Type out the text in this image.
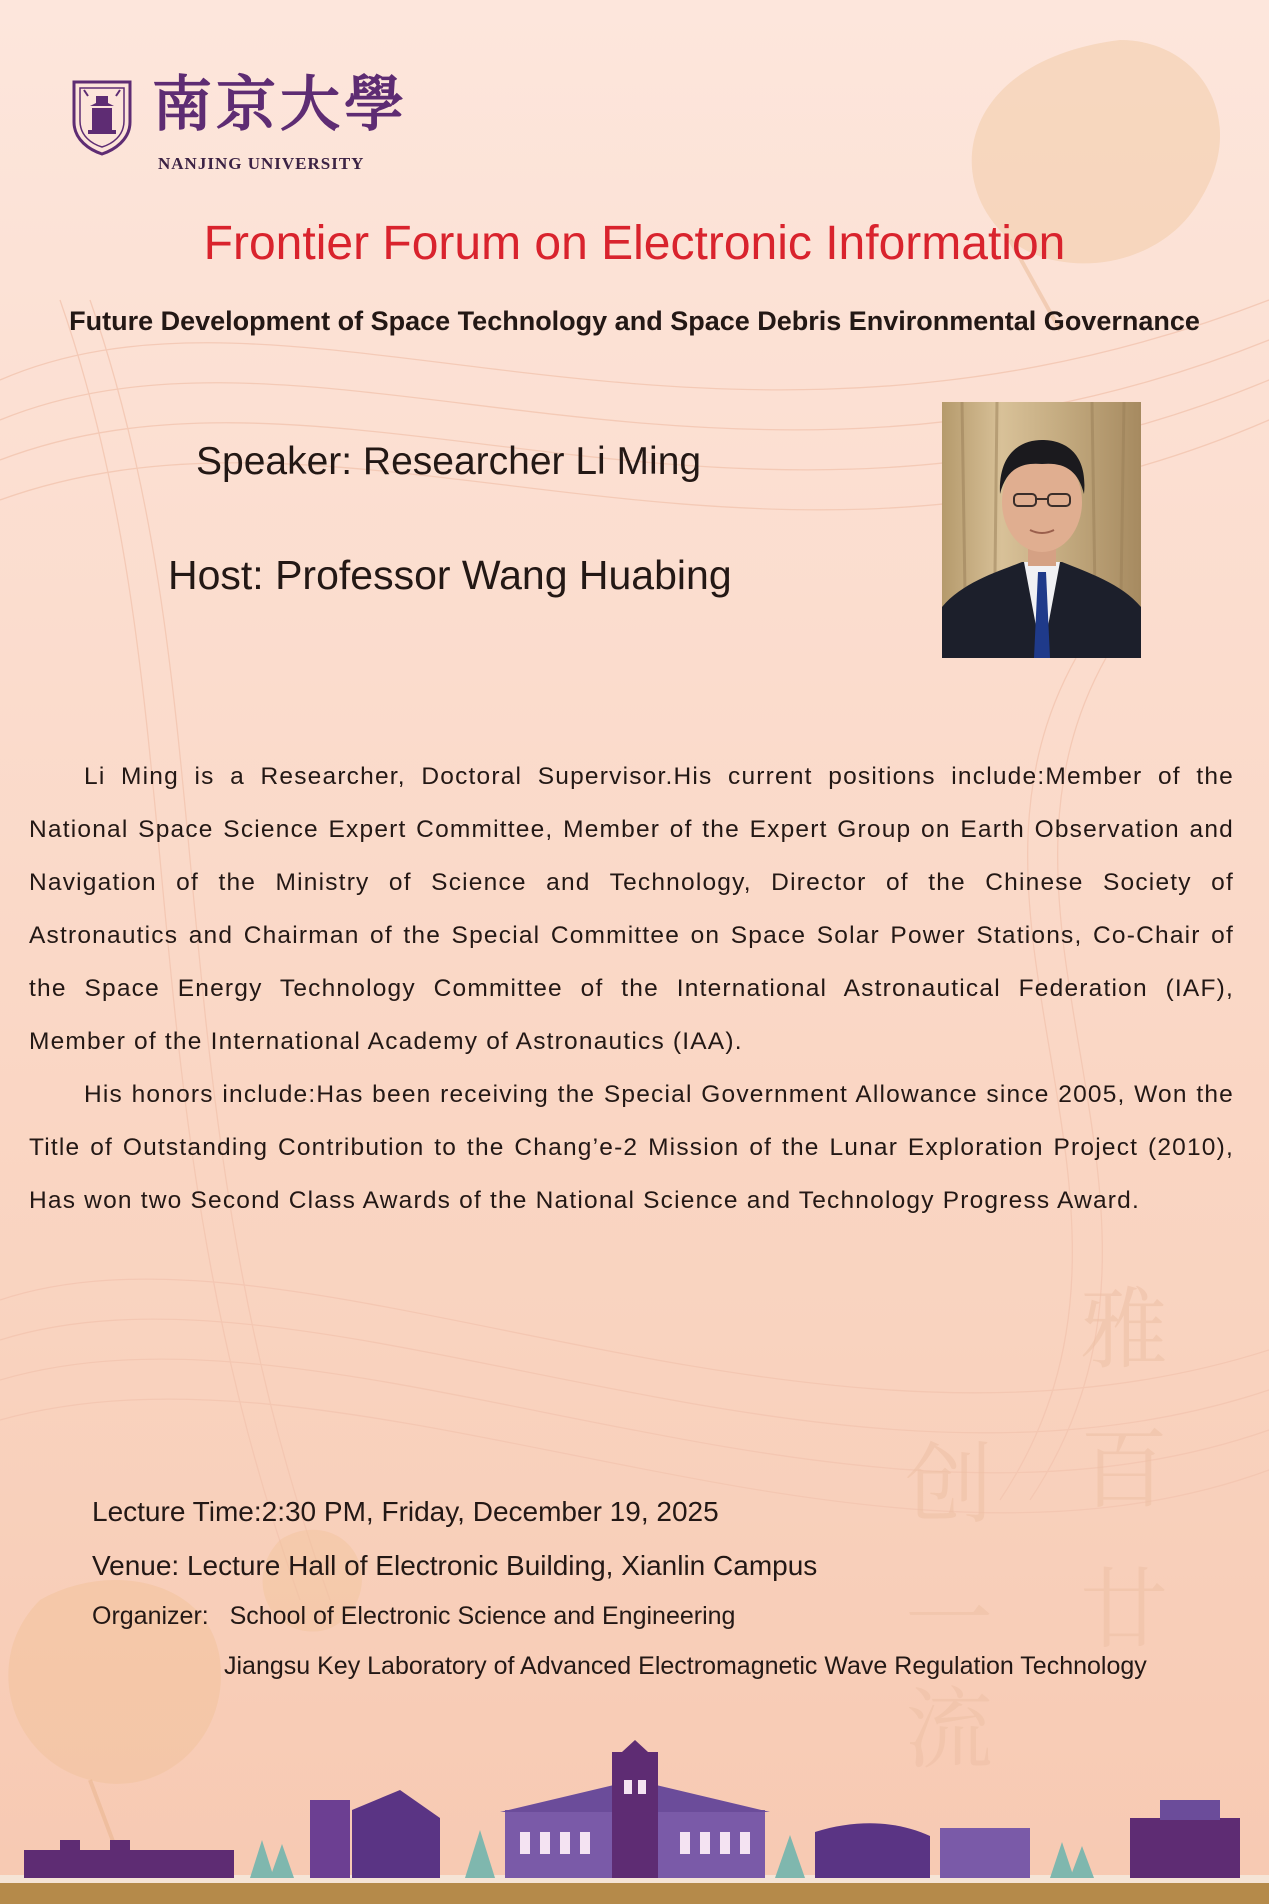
创 百
一 廿
流
雅
南京大學
NANJING UNIVERSITY
Frontier Forum on Electronic Information
Future Development of Space Technology and Space Debris Environmental Governance
Speaker: Researcher Li Ming
Host: Professor Wang Huabing

Li Ming is a Researcher, Doctoral Supervisor.His current positions include:Member of the National Space Science Expert Committee, Member of the Expert Group on Earth Observation and Navigation of the Ministry of Science and Technology, Director of the Chinese Society of Astronautics and Chairman of the Special Committee on Space Solar Power Stations, Co-Chair of the Space Energy Technology Committee of the International Astronautical Federation (IAF), Member of the International Academy of Astronautics (IAA).

His honors include:Has been receiving the Special Government Allowance since 2005, Won the Title of Outstanding Contribution to the Chang’e-2 Mission of the Lunar Exploration Project (2010), Has won two Second Class Awards of the National Science and Technology Progress Award.

Lecture Time:2:30 PM, Friday, December 19, 2025
Venue: Lecture Hall of Electronic Building, Xianlin Campus
Organizer: School of Electronic Science and Engineering
Jiangsu Key Laboratory of Advanced Electromagnetic Wave Regulation Technology
